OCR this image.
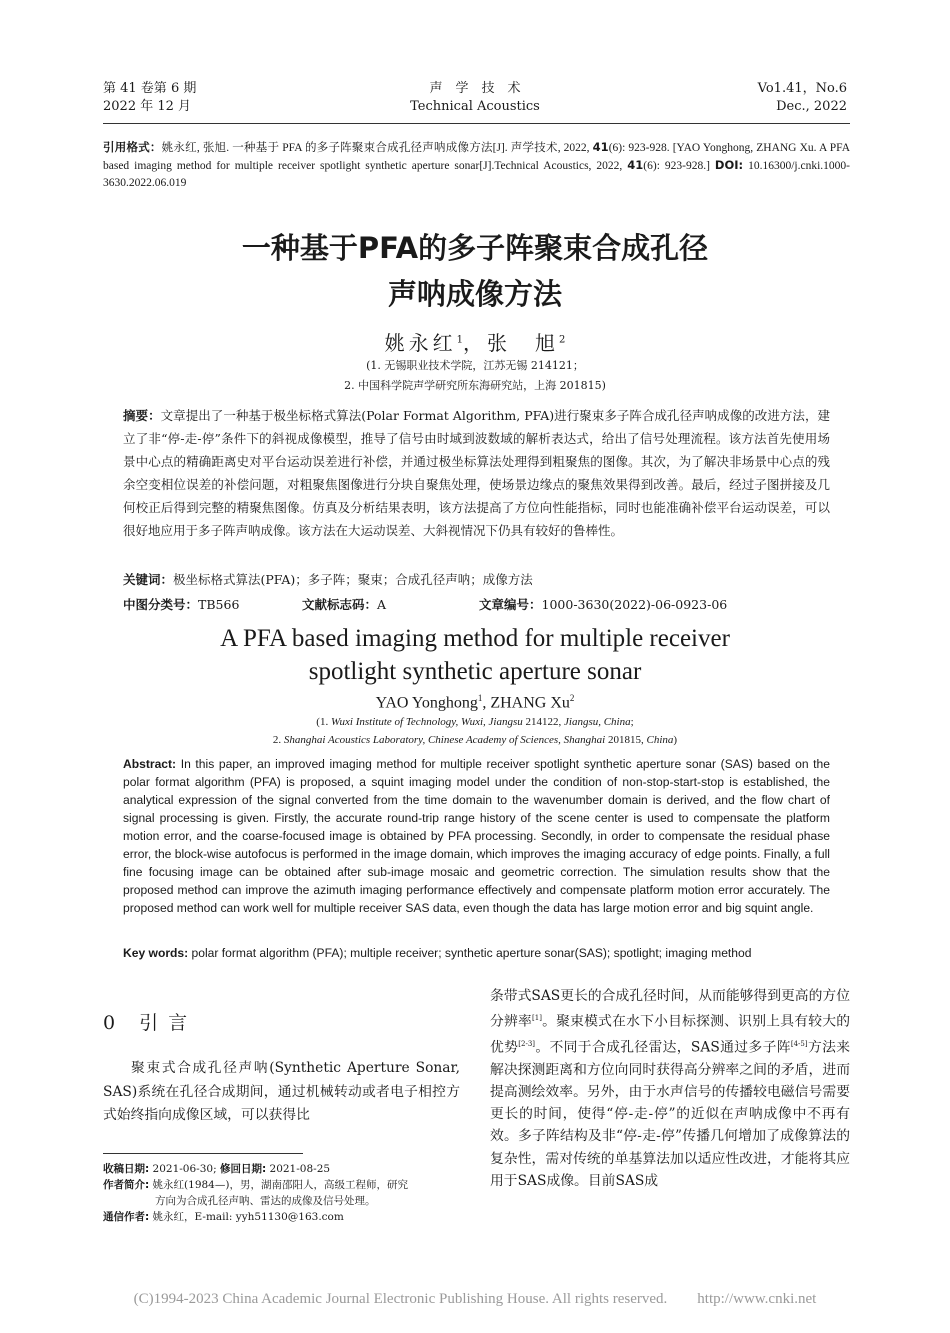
第 41 卷第 6 期
2022 年 12 月
声　学　技　术
Technical Acoustics
Vo1.41，No.6
Dec., 2022
引用格式：姚永红, 张旭. 一种基于 PFA 的多子阵聚束合成孔径声呐成像方法[J]. 声学技术, 2022, 41(6): 923-928. [YAO Yonghong, ZHANG Xu. A PFA based imaging method for multiple receiver spotlight synthetic aperture sonar[J].Technical Acoustics, 2022, 41(6): 923-928.] DOI: 10.16300/j.cnki.1000-3630.2022.06.019
一种基于PFA的多子阵聚束合成孔径
声呐成像方法
姚永红$^1$，张　旭$^2$
(1. 无锡职业技术学院，江苏无锡 214121；
2. 中国科学院声学研究所东海研究站，上海 201815)
摘要：文章提出了一种基于极坐标格式算法(Polar Format Algorithm, PFA)进行聚束多子阵合成孔径声呐成像的改进方法，建立了非“停-走-停”条件下的斜视成像模型，推导了信号由时域到波数域的解析表达式，给出了信号处理流程。该方法首先使用场景中心点的精确距离史对平台运动误差进行补偿，并通过极坐标算法处理得到粗聚焦的图像。其次，为了解决非场景中心点的残余空变相位误差的补偿问题，对粗聚焦图像进行分块自聚焦处理，使场景边缘点的聚焦效果得到改善。最后，经过子图拼接及几何校正后得到完整的精聚焦图像。仿真及分析结果表明，该方法提高了方位向性能指标，同时也能准确补偿平台运动误差，可以很好地应用于多子阵声呐成像。该方法在大运动误差、大斜视情况下仍具有较好的鲁棒性。
关键词：极坐标格式算法(PFA)；多子阵；聚束；合成孔径声呐；成像方法
中图分类号：TB566	文献标志码：A	文章编号：1000-3630(2022)-06-0923-06
A PFA based imaging method for multiple receiver
spotlight synthetic aperture sonar
YAO Yonghong$^1$, ZHANG Xu$^2$
(1. Wuxi Institute of Technology, Wuxi, Jiangsu 214122, Jiangsu, China;
2. Shanghai Acoustics Laboratory, Chinese Academy of Sciences, Shanghai 201815, China)
Abstract: In this paper, an improved imaging method for multiple receiver spotlight synthetic aperture sonar (SAS) based on the polar format algorithm (PFA) is proposed, a squint imaging model under the condition of non-stop-start-stop is established, the analytical expression of the signal converted from the time domain to the wavenumber domain is derived, and the flow chart of signal processing is given. Firstly, the accurate round-trip range history of the scene center is used to compensate the platform motion error, and the coarse-focused image is obtained by PFA processing. Secondly, in order to compensate the residual phase error, the block-wise autofocus is performed in the image domain, which improves the imaging accuracy of edge points. Finally, a full fine focusing image can be obtained after sub-image mosaic and geometric correction. The simulation results show that the proposed method can improve the azimuth imaging performance effectively and compensate platform motion error accurately. The proposed method can work well for multiple receiver SAS data, even though the data has large motion error and big squint angle.
Key words: polar format algorithm (PFA); multiple receiver; synthetic aperture sonar(SAS); spotlight; imaging method
0 引 言
聚束式合成孔径声呐(Synthetic Aperture Sonar, SAS)系统在孔径合成期间，通过机械转动或者电子相控方式始终指向成像区域，可以获得比
条带式SAS更长的合成孔径时间，从而能够得到更高的方位分辨率[1]。聚束模式在水下小目标探测、识别上具有较大的优势[2-3]。不同于合成孔径雷达，SAS通过多子阵[4-5]方法来解决探测距离和方位向同时获得高分辨率之间的矛盾，进而提高测绘效率。另外，由于水声信号的传播较电磁信号需要更长的时间，使得“停-走-停”的近似在声呐成像中不再有效。多子阵结构及非“停-走-停”传播几何增加了成像算法的复杂性，需对传统的单基算法加以适应性改进，才能将其应用于SAS成像。目前SAS成
收稿日期: 2021-06-30; 修回日期: 2021-08-25
作者简介: 姚永红(1984—)，男，湖南邵阳人，高级工程师，研究
方向为合成孔径声呐、雷达的成像及信号处理。
通信作者: 姚永红，E-mail: yyh51130@163.com
(C)1994-2023 China Academic Journal Electronic Publishing House. All rights reserved.　　http://www.cnki.net
